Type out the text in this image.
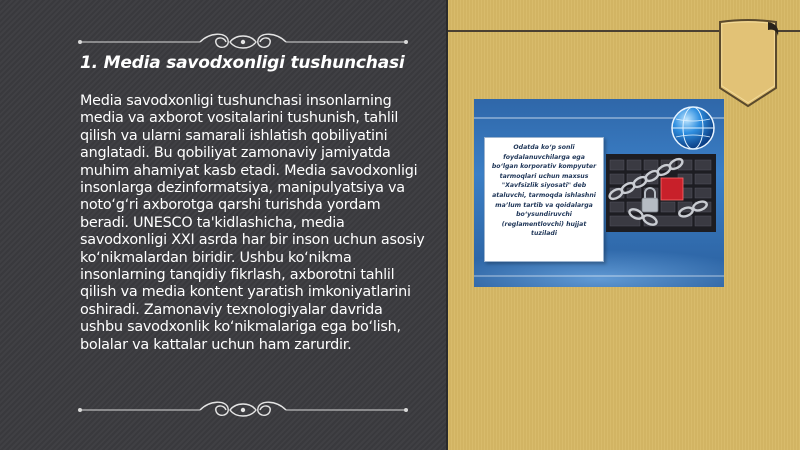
1. Media savodxonligi tushunchasi
Media savodxonligi tushunchasi insonlarning media va axborot vositalarini tushunish, tahlil qilish va ularni samarali ishlatish qobiliyatini anglatadi. Bu qobiliyat zamonaviy jamiyatda muhim ahamiyat kasb etadi. Media savodxonligi insonlarga dezinformatsiya, manipulyatsiya va noto‘g‘ri axborotga qarshi turishda yordam beradi. UNESCO ta'kidlashicha, media savodxonligi XXI asrda har bir inson uchun asosiy ko‘nikmalardan biridir. Ushbu ko‘nikma insonlarning tanqidiy fikrlash, axborotni tahlil qilish va media kontent yaratish imkoniyatlarini oshiradi. Zamonaviy texnologiyalar davrida ushbu savodxonlik ko‘nikmalariga ega bo‘lish, bolalar va kattalar uchun ham zarurdir.
Odatda ko‘p sonli foydalanuvchilarga ega bo‘lgan korporativ kompyuter tarmoqlari uchun maxsus "Xavfsizlik siyosati" deb ataluvchi, tarmoqda ishlashni ma’lum tartib va qoidalarga bo‘ysundiruvchi (reglamentlovchi) hujjat tuziladi
